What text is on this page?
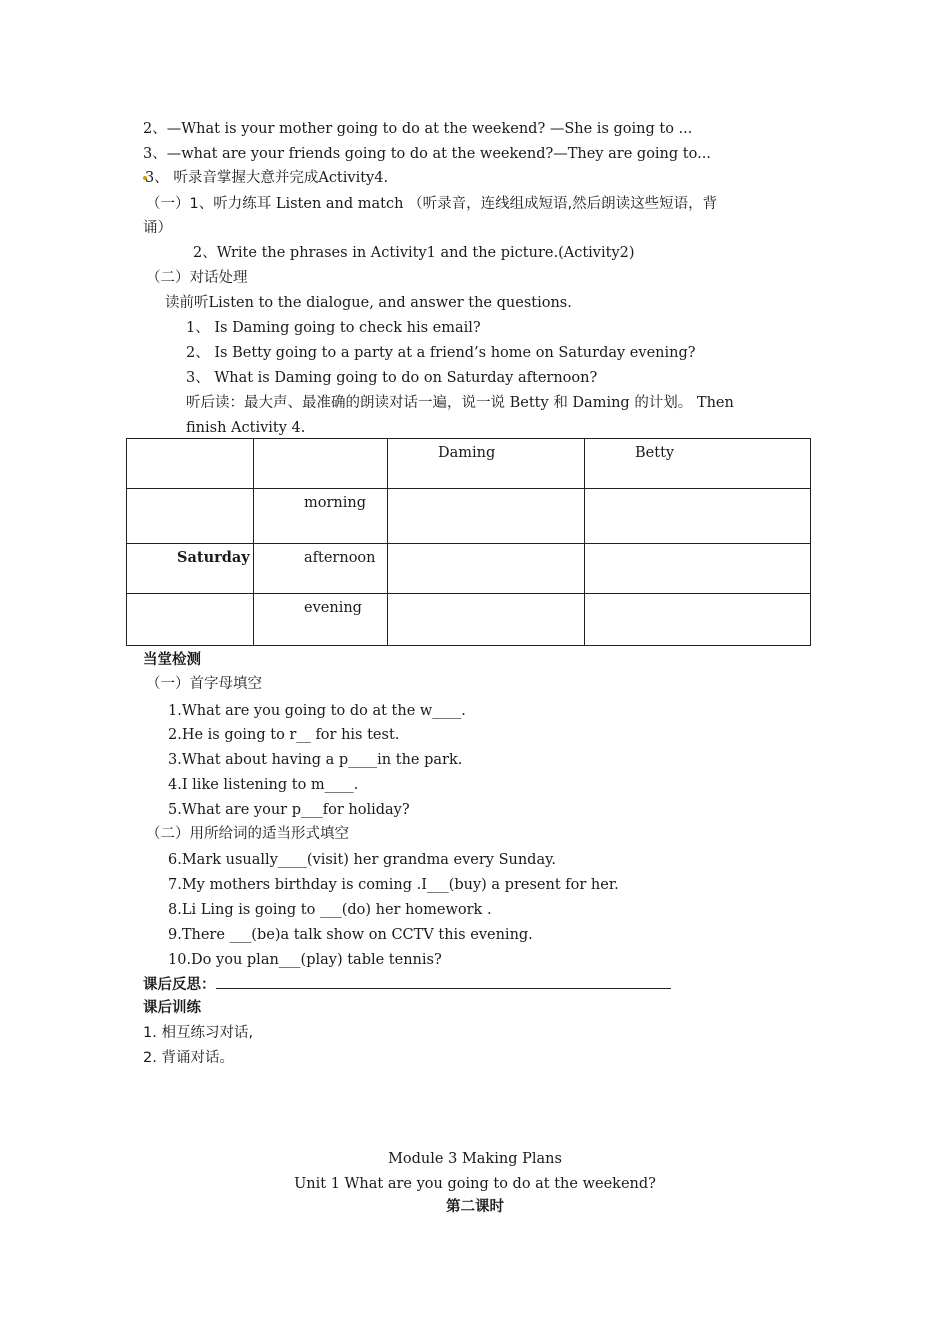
2、—What is your mother going to do at the weekend? —She is going to ...
3、—what are your friends going to do at the weekend?—They are going to...
3、 听录音掌握大意并完成Activity4.
（一）1、听力练耳 Listen and match （听录音，连线组成短语,然后朗读这些短语，背
诵）
2、Write the phrases in Activity1 and the picture.(Activity2)
（二）对话处理
读前听Listen to the dialogue, and answer the questions.
1、 Is Daming going to check his email?
2、 Is Betty going to a party at a friend’s home on Saturday evening?
3、 What is Daming going to do on Saturday afternoon?
听后读：最大声、最准确的朗读对话一遍，说一说 Betty 和 Daming 的计划。 Then
finish Activity 4.
		Daming	Betty
	morning		
Saturday	afternoon		
	evening		
当堂检测
（一）首字母填空
1.What are you going to do at the w____.
2.He is going to r__ for his test.
3.What about having a p____in the park.
4.I like listening to m____.
5.What are your p___for holiday?
（二）用所给词的适当形式填空
6.Mark usually____(visit) her grandma every Sunday.
7.My mothers birthday is coming .I___(buy) a present for her.
8.Li Ling is going to ___(do) her homework .
9.There ___(be)a talk show on CCTV this evening.
10.Do you plan___(play) table tennis?
课后反思：
课后训练
1. 相互练习对话,
2. 背诵对话。
Module 3 Making Plans
Unit 1 What are you going to do at the weekend?
第二课时
